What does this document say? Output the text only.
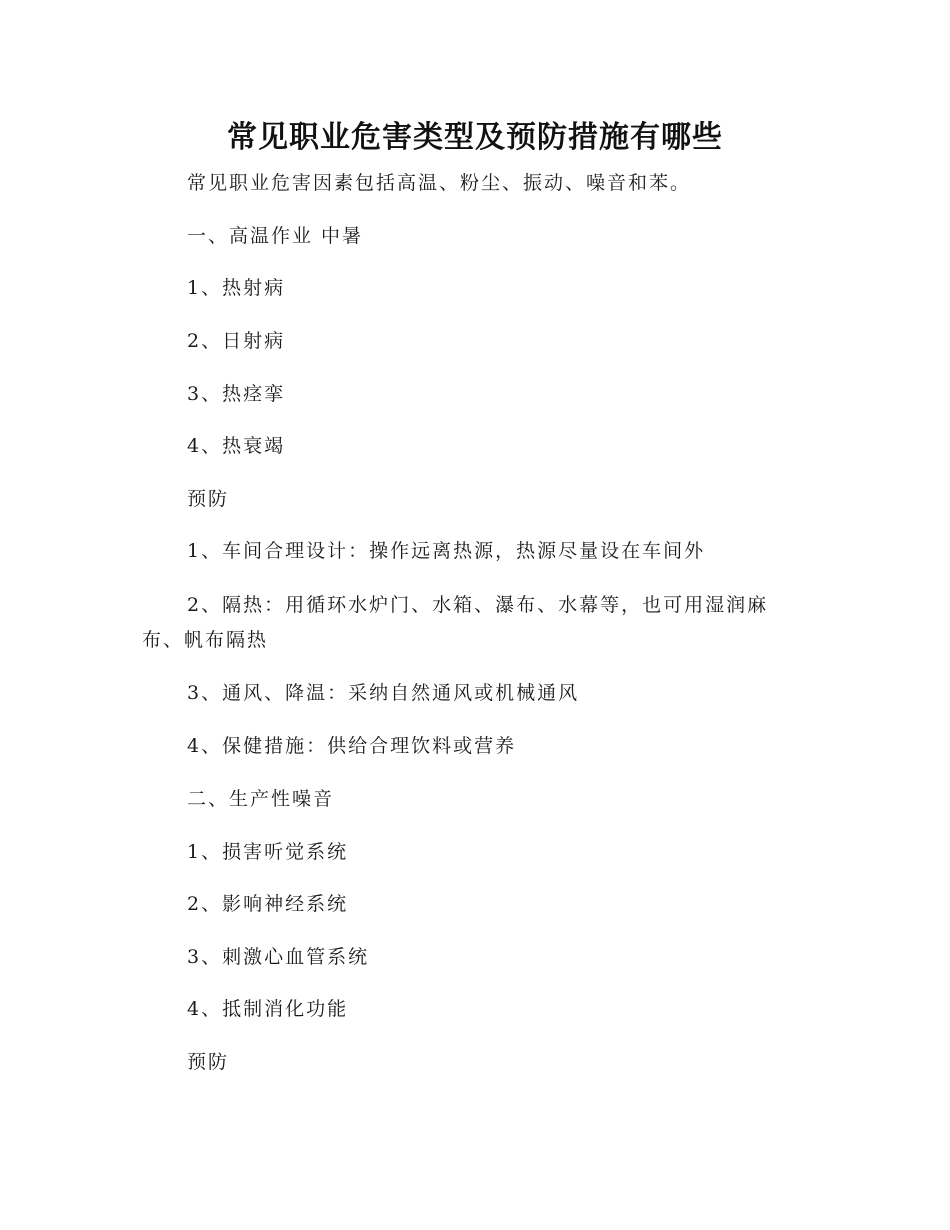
常见职业危害类型及预防措施有哪些
常见职业危害因素包括高温、粉尘、振动、噪音和苯。
一、高温作业 中暑
1、热射病
2、日射病
3、热痉挛
4、热衰竭
预防
1、车间合理设计：操作远离热源，热源尽量设在车间外
2、隔热：用循环水炉门、水箱、瀑布、水幕等，也可用湿润麻
布、帆布隔热
3、通风、降温：采纳自然通风或机械通风
4、保健措施：供给合理饮料或营养
二、生产性噪音
1、损害听觉系统
2、影响神经系统
3、刺激心血管系统
4、抵制消化功能
预防
